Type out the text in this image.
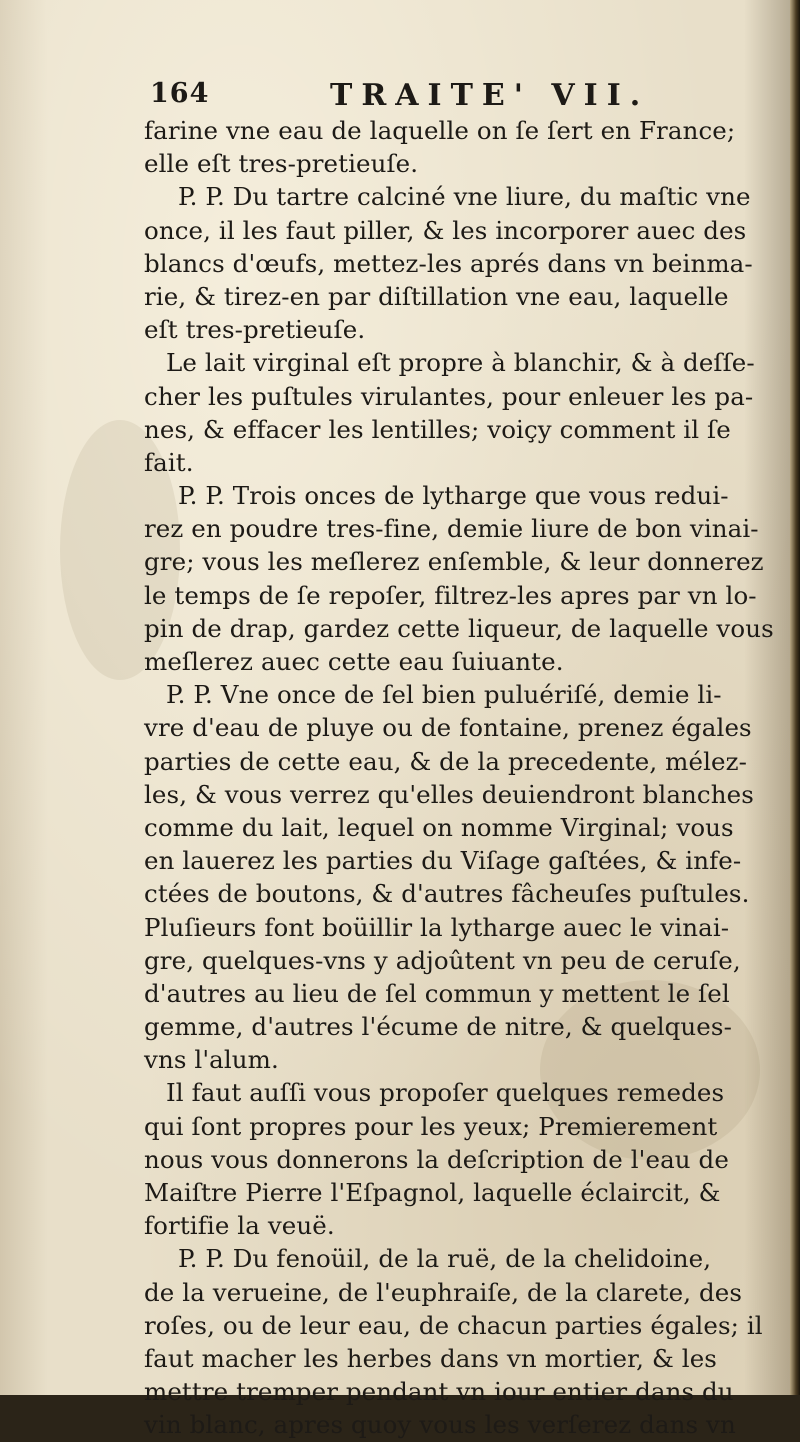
164	TRAITE' VII.
farine vne eau de laquelle on ſe ſert en France;
elle eſt tres-pretieuſe.
P. P. Du tartre calciné vne liure, du maſtic vne
once, il les faut piller, & les incorporer auec des
blancs d'œufs, mettez-les aprés dans vn beinma-
rie, & tirez-en par diſtillation vne eau, laquelle
eſt tres-pretieuſe.
Le lait virginal eſt propre à blanchir, & à deſſe-
cher les puſtules virulantes, pour enleuer les pa-
nes, & effacer les lentilles; voiçy comment il ſe
fait.
P. P. Trois onces de lytharge que vous redui-
rez en poudre tres-fine, demie liure de bon vinai-
gre; vous les meſlerez enſemble, & leur donnerez
le temps de ſe repoſer, filtrez-les apres par vn lo-
pin de drap, gardez cette liqueur, de laquelle vous
meſlerez auec cette eau ſuiuante.
P. P. Vne once de ſel bien puluériſé, demie li-
vre d'eau de pluye ou de fontaine, prenez égales
parties de cette eau, & de la precedente, mélez-
les, & vous verrez qu'elles deuiendront blanches
comme du lait, lequel on nomme Virginal; vous
en lauerez les parties du Viſage gaſtées, & infe-
ctées de boutons, & d'autres fâcheuſes puſtules.
Pluſieurs font boüillir la lytharge auec le vinai-
gre, quelques-vns y adjoûtent vn peu de ceruſe,
d'autres au lieu de ſel commun y mettent le ſel
gemme, d'autres l'écume de nitre, & quelques-
vns l'alum.
Il faut auſſi vous propoſer quelques remedes
qui ſont propres pour les yeux; Premierement
nous vous donnerons la deſcription de l'eau de
Maiſtre Pierre l'Eſpagnol, laquelle éclaircit, &
fortifie la veuë.
P. P. Du fenoüil, de la ruë, de la chelidoine,
de la verueine, de l'euphraiſe, de la clarete, des
roſes, ou de leur eau, de chacun parties égales; il
faut macher les herbes dans vn mortier, & les
mettre tremper pendant vn iour entier dans du
vin blanc, apres quoy vous les verſerez dans vn
